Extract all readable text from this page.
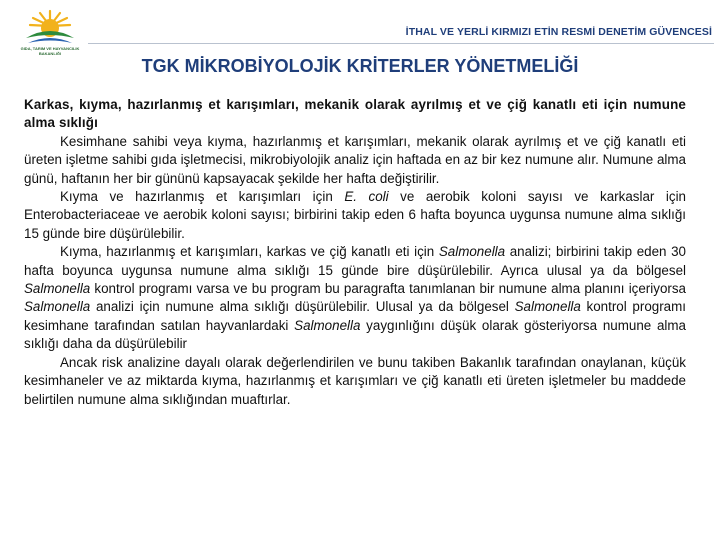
GIDA, TARIM VE HAYVANCILIK BAKANLIĞI
İTHAL VE YERLİ KIRMIZI ETİN RESMİ DENETİM GÜVENCESİ
TGK MİKROBİYOLOJİK KRİTERLER YÖNETMELİĞİ

Karkas, kıyma, hazırlanmış et karışımları, mekanik olarak ayrılmış et ve çiğ kanatlı eti için numune alma sıklığı

Kesimhane sahibi veya kıyma, hazırlanmış et karışımları, mekanik olarak ayrılmış et ve çiğ kanatlı eti üreten işletme sahibi gıda işletmecisi, mikrobiyolojik analiz için haftada en az bir kez numune alır. Numune alma günü, haftanın her bir gününü kapsayacak şekilde her hafta değiştirilir.

Kıyma ve hazırlanmış et karışımları için E. coli ve aerobik koloni sayısı ve karkaslar için Enterobacteriaceae ve aerobik koloni sayısı; birbirini takip eden 6 hafta boyunca uygunsa numune alma sıklığı 15 günde bire düşürülebilir.

Kıyma, hazırlanmış et karışımları, karkas ve çiğ kanatlı eti için Salmonella analizi; birbirini takip eden 30 hafta boyunca uygunsa numune alma sıklığı 15 günde bire düşürülebilir. Ayrıca ulusal ya da bölgesel Salmonella kontrol programı varsa ve bu program bu paragrafta tanımlanan bir numune alma planını içeriyorsa Salmonella analizi için numune alma sıklığı düşürülebilir. Ulusal ya da bölgesel Salmonella kontrol programı kesimhane tarafından satılan hayvanlardaki Salmonella yaygınlığını düşük olarak gösteriyorsa numune alma sıklığı daha da düşürülebilir

Ancak risk analizine dayalı olarak değerlendirilen ve bunu takiben Bakanlık tarafından onaylanan, küçük kesimhaneler ve az miktarda kıyma, hazırlanmış et karışımları ve çiğ kanatlı eti üreten işletmeler bu maddede belirtilen numune alma sıklığından muaftırlar.
